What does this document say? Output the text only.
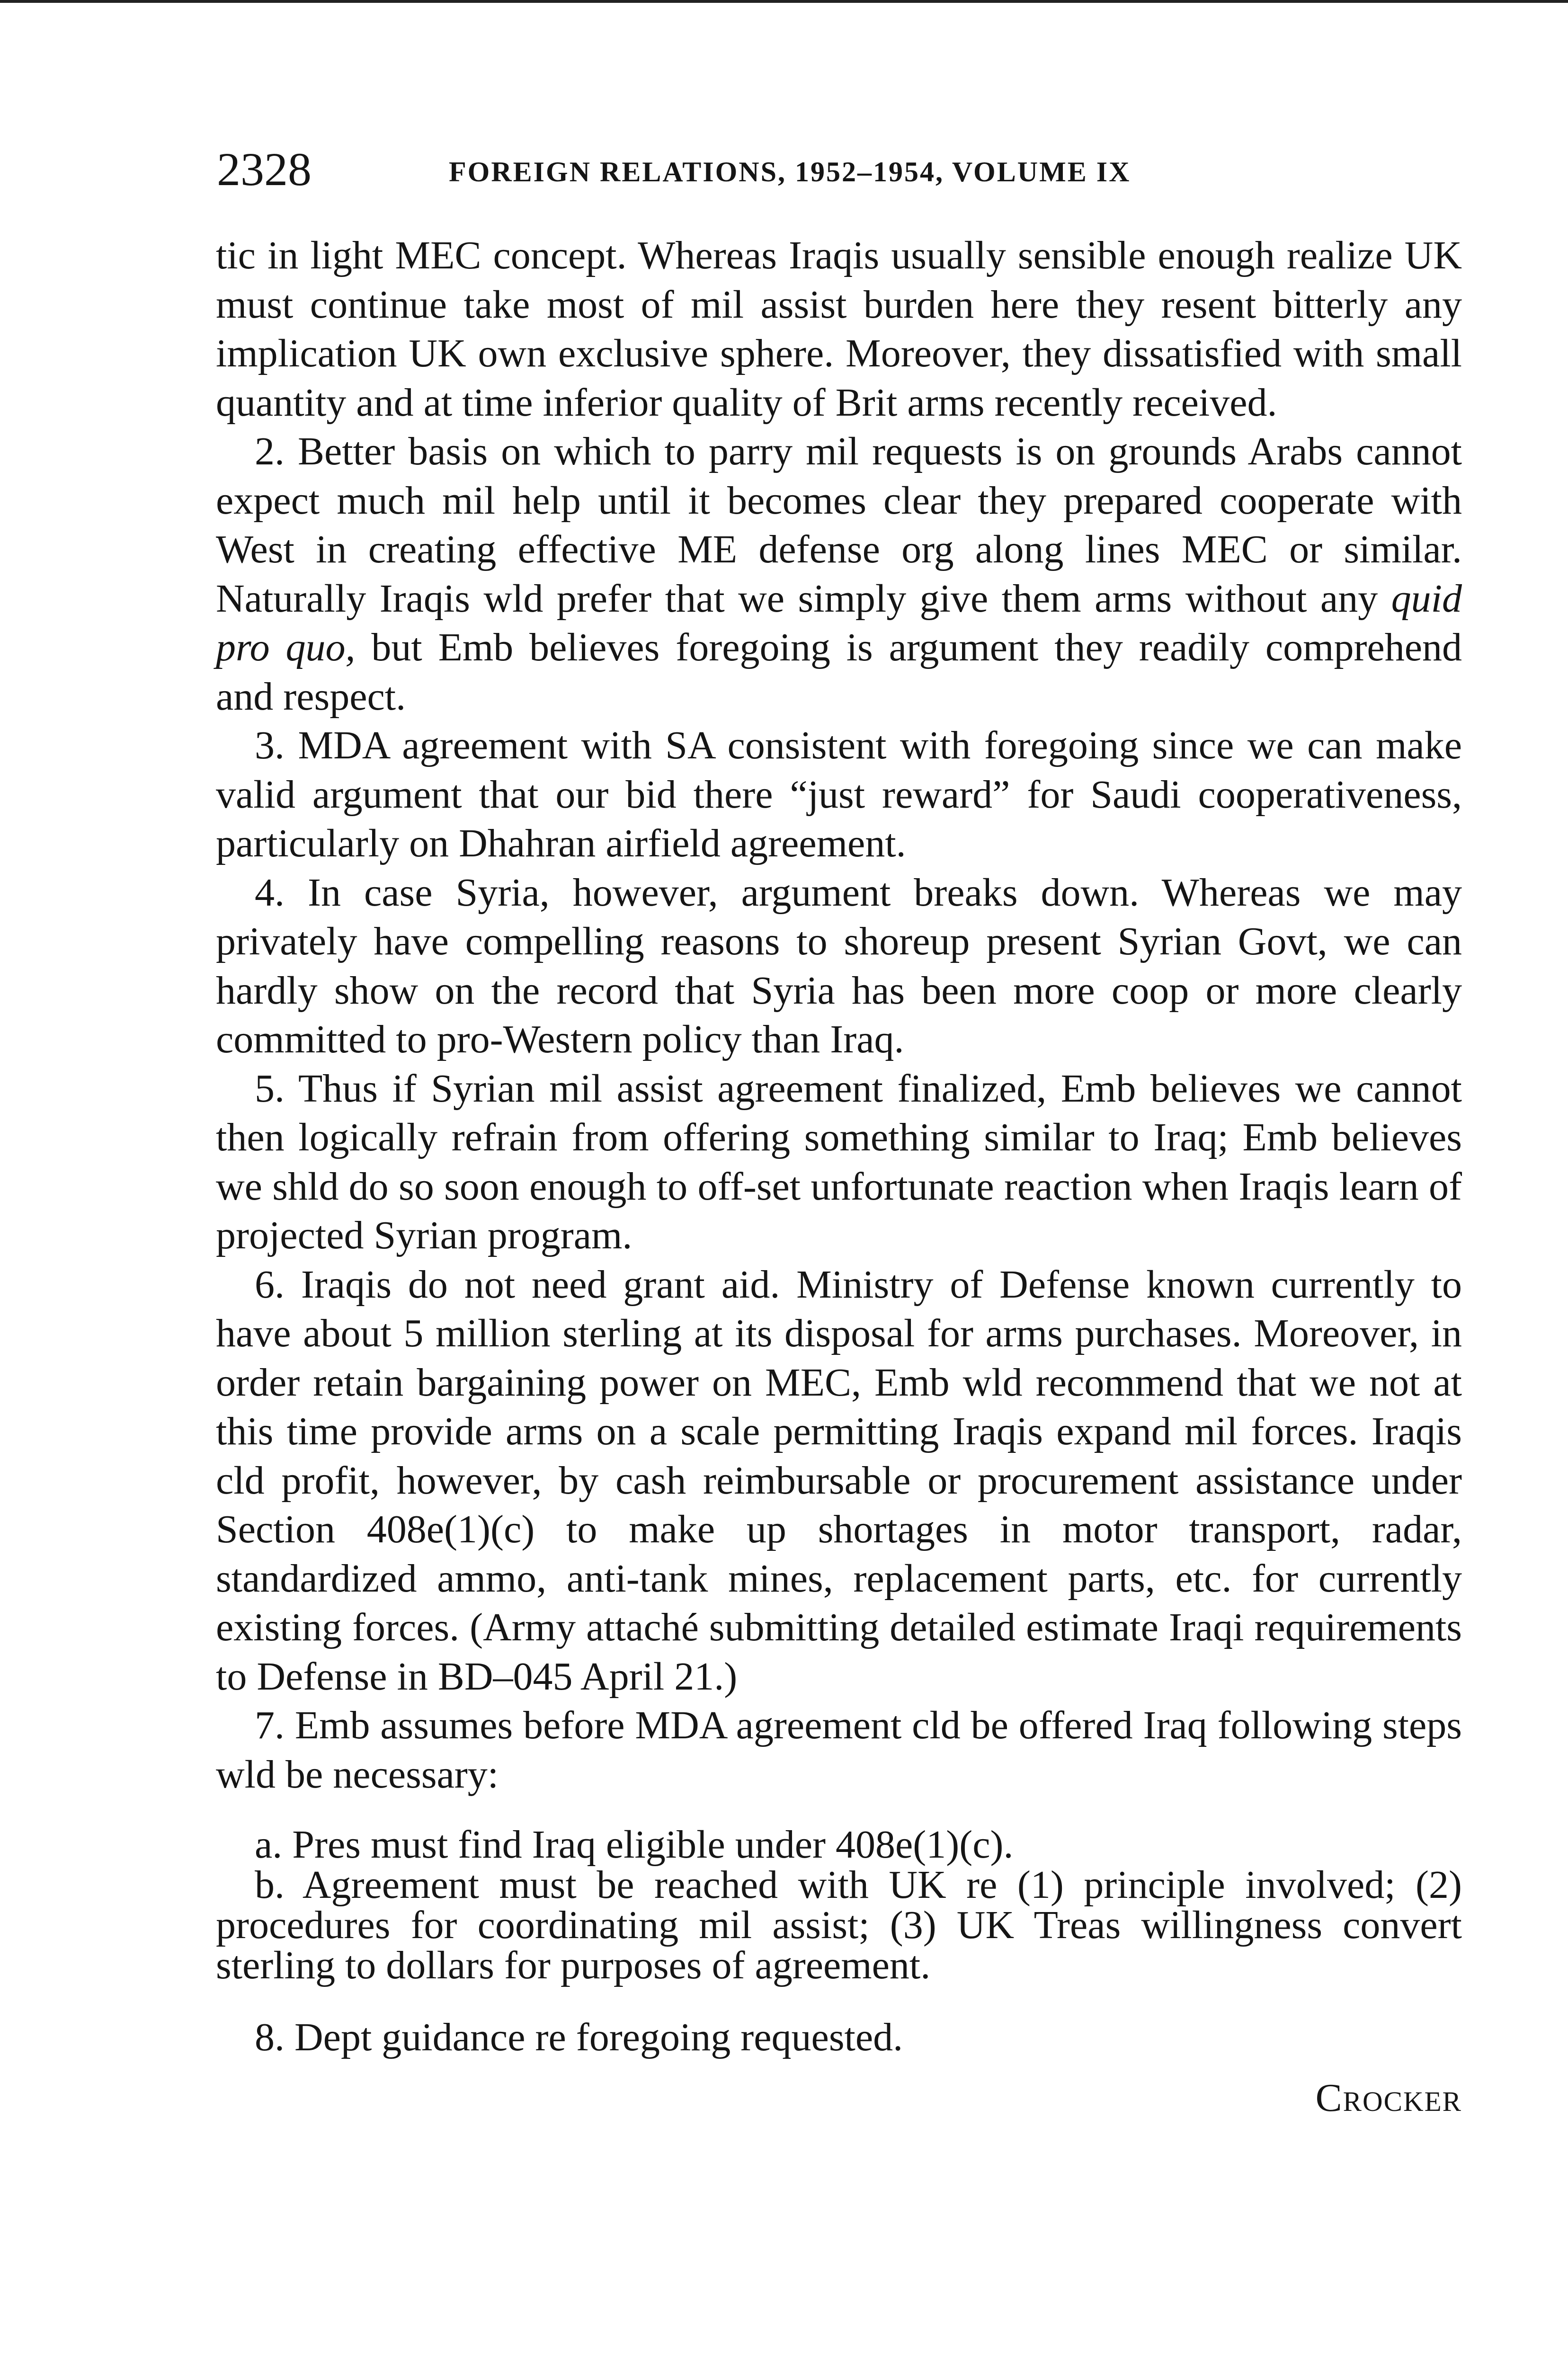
2328	FOREIGN RELATIONS, 1952–1954, VOLUME IX

tic in light MEC concept. Whereas Iraqis usually sensible enough realize UK must continue take most of mil assist burden here they resent bitterly any implication UK own exclusive sphere. Moreover, they dissatisfied with small quantity and at time inferior quality of Brit arms recently received.

2. Better basis on which to parry mil requests is on grounds Arabs cannot expect much mil help until it becomes clear they prepared cooperate with West in creating effective ME defense org along lines MEC or similar. Naturally Iraqis wld prefer that we simply give them arms without any quid pro quo, but Emb believes foregoing is argument they readily comprehend and respect.

3. MDA agreement with SA consistent with foregoing since we can make valid argument that our bid there “just reward” for Saudi cooperativeness, particularly on Dhahran airfield agreement.

4. In case Syria, however, argument breaks down. Whereas we may privately have compelling reasons to shoreup present Syrian Govt, we can hardly show on the record that Syria has been more coop or more clearly committed to pro-Western policy than Iraq.

5. Thus if Syrian mil assist agreement finalized, Emb believes we cannot then logically refrain from offering something similar to Iraq; Emb believes we shld do so soon enough to off-set unfortunate reaction when Iraqis learn of projected Syrian program.

6. Iraqis do not need grant aid. Ministry of Defense known currently to have about 5 million sterling at its disposal for arms purchases. Moreover, in order retain bargaining power on MEC, Emb wld recommend that we not at this time provide arms on a scale permitting Iraqis expand mil forces. Iraqis cld profit, however, by cash reimbursable or procurement assistance under Section 408e(1)(c) to make up shortages in motor transport, radar, standardized ammo, anti-tank mines, replacement parts, etc. for currently existing forces. (Army attaché submitting detailed estimate Iraqi requirements to Defense in BD–045 April 21.)

7. Emb assumes before MDA agreement cld be offered Iraq following steps wld be necessary:

a. Pres must find Iraq eligible under 408e(1)(c).

b. Agreement must be reached with UK re (1) principle involved; (2) procedures for coordinating mil assist; (3) UK Treas willingness convert sterling to dollars for purposes of agreement.

8. Dept guidance re foregoing requested.

Crocker
